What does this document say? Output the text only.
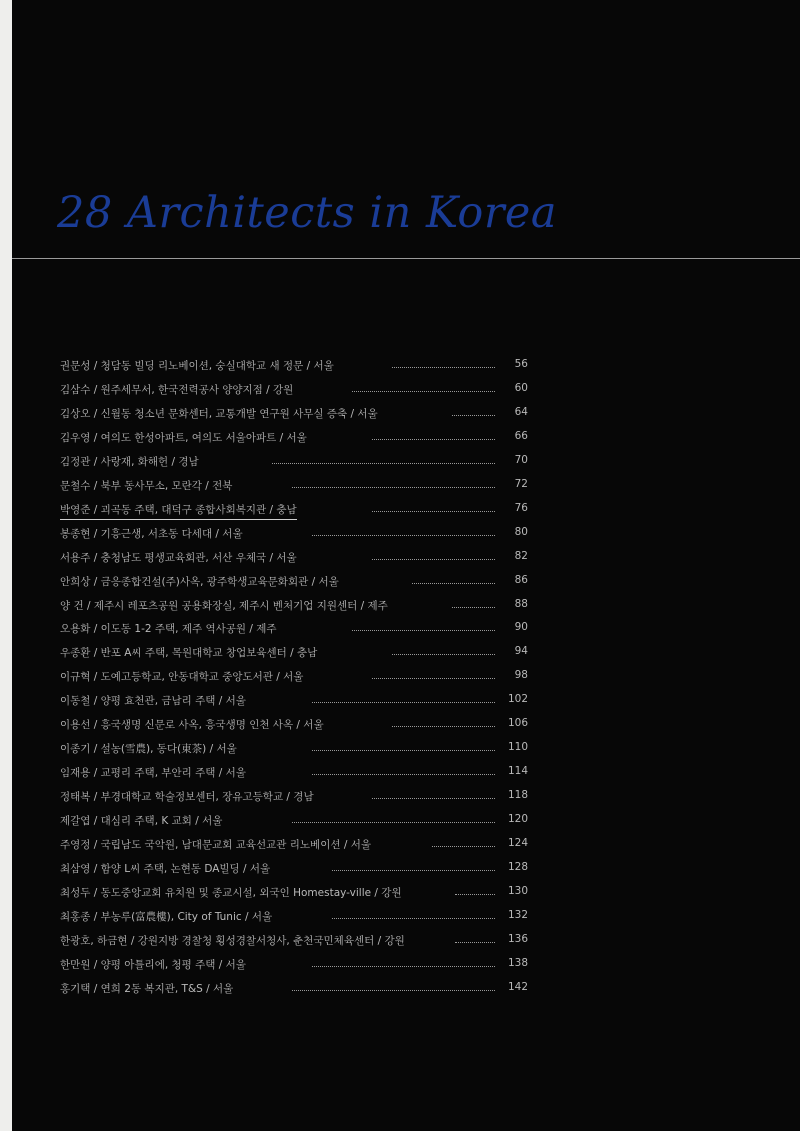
28 Architects in Korea
권문성 / 청담동 빌딩 리노베이션, 숭실대학교 새 정문 / 서울	56
김삼수 / 원주세무서, 한국전력공사 양양지점 / 강원	60
김상오 / 신월동 청소년 문화센터, 교통개발 연구원 사무실 증축 / 서울	64
김우영 / 여의도 한성아파트, 여의도 서울아파트 / 서울	66
김정관 / 사랑재, 화해헌 / 경남	70
문철수 / 북부 동사무소, 모란각 / 전북	72
박영준 / 괴곡동 주택, 대덕구 종합사회복지관 / 충남	76
봉종현 / 기흥근생, 서초동 다세대 / 서울	80
서용주 / 충청남도 평생교육회관, 서산 우체국 / 서울	82
안희상 / 금응종합건설(주)사옥, 광주학생교육문화회관 / 서울	86
양 건 / 제주시 레포츠공원 공용화장실, 제주시 벤처기업 지원센터 / 제주	88
오용화 / 이도동 1-2 주택, 제주 역사공원 / 제주	90
우종환 / 반포 A씨 주택, 목원대학교 창업보육센터 / 충남	94
이규혁 / 도예고등학교, 안동대학교 중앙도서관 / 서울	98
이동철 / 양평 효천관, 금남리 주택 / 서울	102
이용선 / 흥국생명 신문로 사옥, 흥국생명 인천 사옥 / 서울	106
이종기 / 설농(雪農), 동다(東茶) / 서울	110
임재용 / 교평리 주택, 부안리 주택 / 서울	114
정태복 / 부경대학교 학술정보센터, 장유고등학교 / 경남	118
제갈엽 / 대심리 주택, K 교회 / 서울	120
주영정 / 국립남도 국악원, 남대문교회 교육선교관 리노베이션 / 서울	124
최삼영 / 함양 L씨 주택, 논현동 DA빌딩 / 서울	128
최성두 / 동도중앙교회 유치원 및 종교시설, 외국인 Homestay-ville / 강원	130
최홍종 / 부농루(富農樓), City of Tunic / 서울	132
한광호, 하금현 / 강원지방 경찰청 횡성경찰서청사, 춘천국민체육센터 / 강원	136
한만원 / 양평 아틀리에, 청평 주택 / 서울	138
홍기택 / 연희 2동 복지관, T&S / 서울	142
